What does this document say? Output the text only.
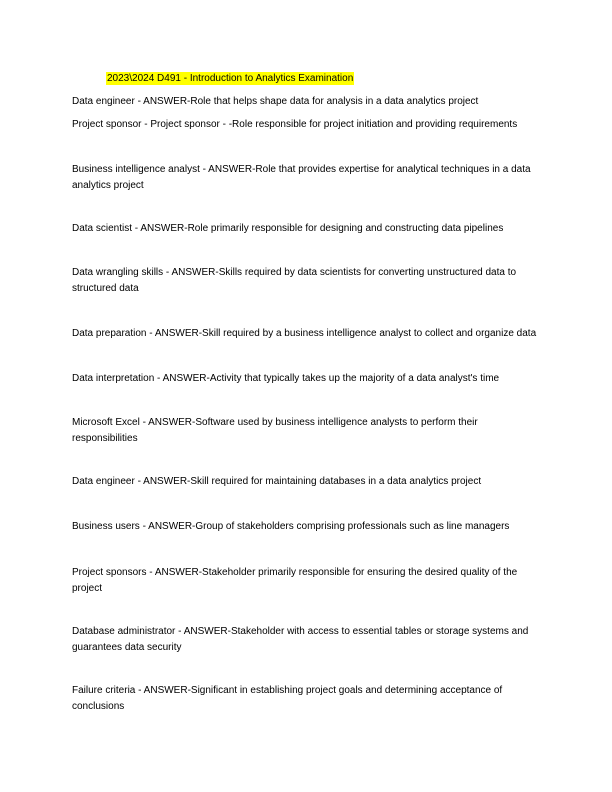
2023\2024 D491 - Introduction to Analytics Examination

Data engineer - ANSWER-Role that helps shape data for analysis in a data analytics project

Project sponsor - Project sponsor - -Role responsible for project initiation and providing requirements

Business intelligence analyst - ANSWER-Role that provides expertise for analytical techniques in a data analytics project

Data scientist - ANSWER-Role primarily responsible for designing and constructing data pipelines

Data wrangling skills - ANSWER-Skills required by data scientists for converting unstructured data to structured data

Data preparation - ANSWER-Skill required by a business intelligence analyst to collect and organize data

Data interpretation - ANSWER-Activity that typically takes up the majority of a data analyst's time

Microsoft Excel - ANSWER-Software used by business intelligence analysts to perform their responsibilities

Data engineer - ANSWER-Skill required for maintaining databases in a data analytics project

Business users - ANSWER-Group of stakeholders comprising professionals such as line managers

Project sponsors - ANSWER-Stakeholder primarily responsible for ensuring the desired quality of the project

Database administrator - ANSWER-Stakeholder with access to essential tables or storage systems and guarantees data security

Failure criteria - ANSWER-Significant in establishing project goals and determining acceptance of conclusions
